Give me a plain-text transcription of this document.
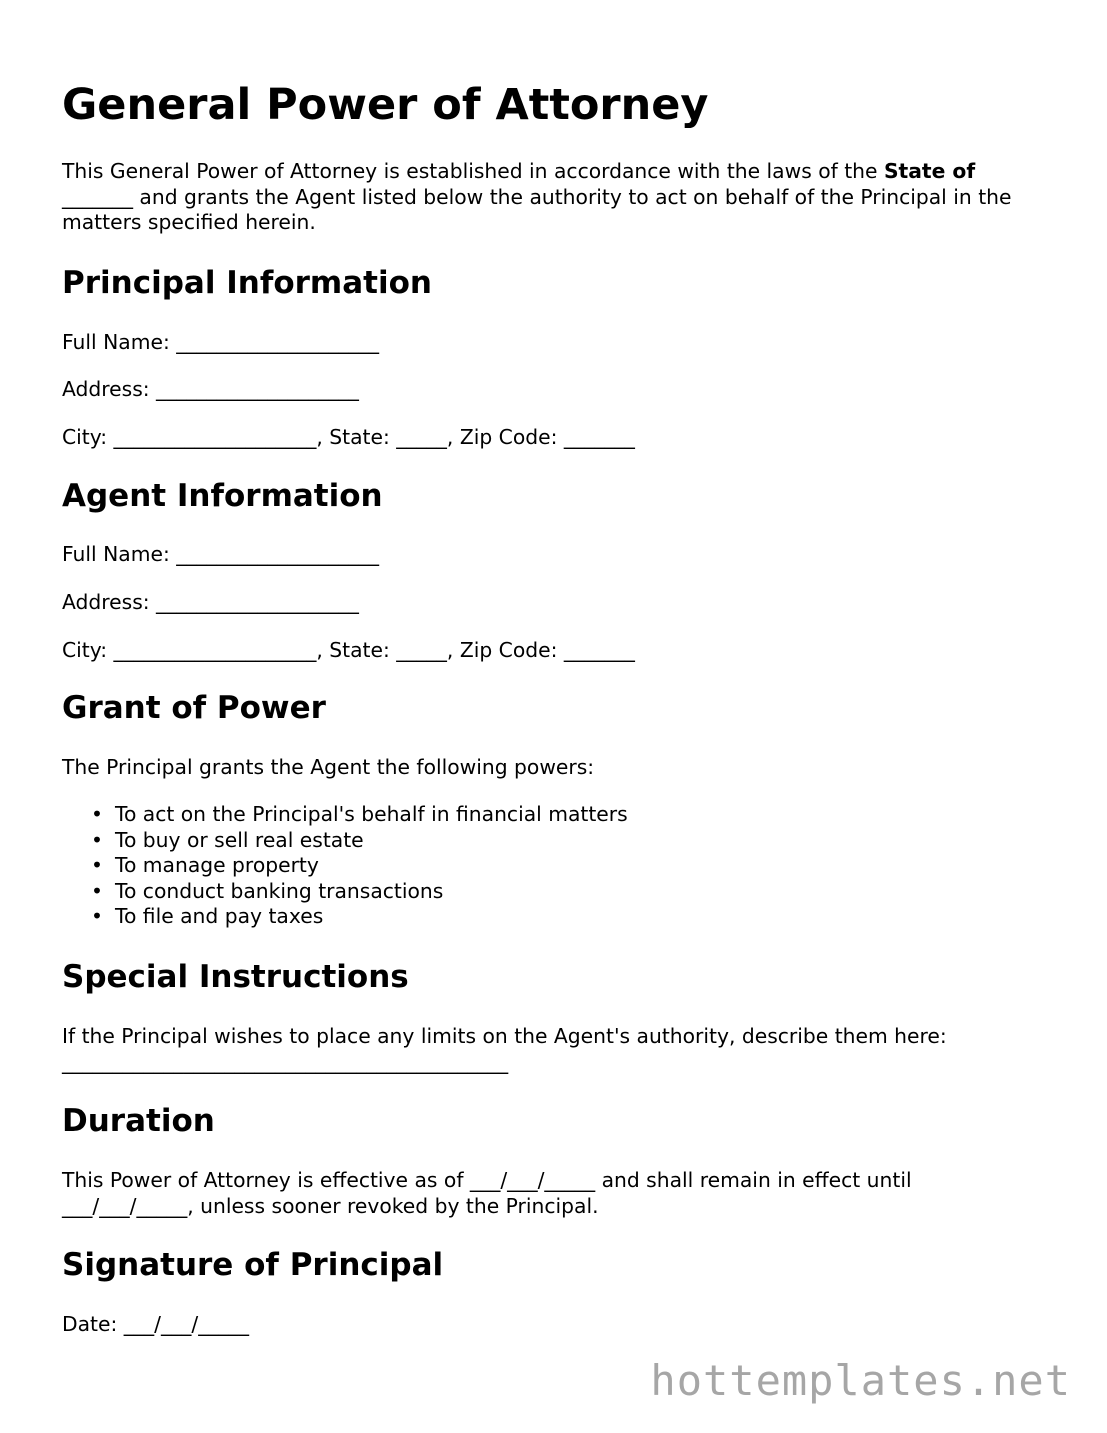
General Power of Attorney

This General Power of Attorney is established in accordance with the laws of the State of _______ and grants the Agent listed below the authority to act on behalf of the Principal in the matters specified herein.

Principal Information

Full Name: ____________________

Address: ____________________

City: ____________________, State: _____, Zip Code: _______

Agent Information

Full Name: ____________________

Address: ____________________

City: ____________________, State: _____, Zip Code: _______

Grant of Power

The Principal grants the Agent the following powers:

• To act on the Principal's behalf in financial matters
• To buy or sell real estate
• To manage property
• To conduct banking transactions
• To file and pay taxes
Special Instructions

If the Principal wishes to place any limits on the Agent's authority, describe them here: ____________________________________________

Duration

This Power of Attorney is effective as of ___/___/_____ and shall remain in effect until ___/___/_____, unless sooner revoked by the Principal.

Signature of Principal

Date: ___/___/_____

hottemplates.net
